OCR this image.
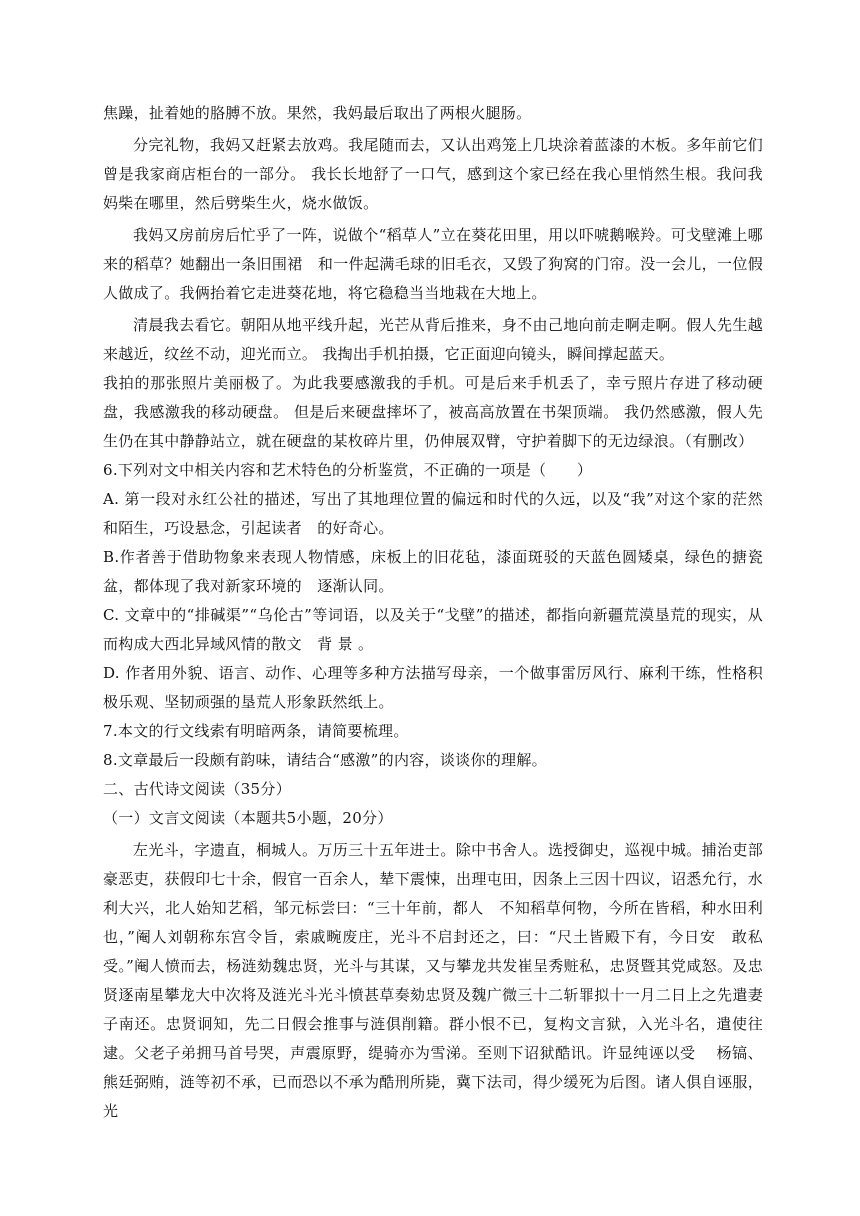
焦躁，扯着她的胳膊不放。果然，我妈最后取出了两根火腿肠。

分完礼物，我妈又赶紧去放鸡。我尾随而去，又认出鸡笼上几块涂着蓝漆的木板。多年前它们曾是我家商店柜台的一部分。 我长长地舒了一口气，感到这个家已经在我心里悄然生根。我问我妈柴在哪里，然后劈柴生火，烧水做饭。

我妈又房前房后忙乎了一阵，说做个“稻草人”立在葵花田里，用以吓唬鹅喉羚。可戈壁滩上哪来的稻草？她翻出一条旧围裙　和一件起满毛球的旧毛衣，又毁了狗窝的门帘。没一会儿，一位假人做成了。我俩抬着它走进葵花地，将它稳稳当当地栽在大地上。

清晨我去看它。朝阳从地平线升起，光芒从背后推来，身不由己地向前走啊走啊。假人先生越来越近，纹丝不动，迎光而立。 我掏出手机拍摄，它正面迎向镜头，瞬间撑起蓝天。

我拍的那张照片美丽极了。为此我要感激我的手机。可是后来手机丢了，幸亏照片存进了移动硬盘，我感激我的移动硬盘。 但是后来硬盘摔坏了，被高高放置在书架顶端。 我仍然感激，假人先生仍在其中静静站立，就在硬盘的某枚碎片里，仍伸展双臂，守护着脚下的无边绿浪。（有删改）

6.下列对文中相关内容和艺术特色的分析鉴赏，不正确的一项是（　　）

A. 第一段对永红公社的描述，写出了其地理位置的偏远和时代的久远，以及“我”对这个家的茫然和陌生，巧设悬念，引起读者　的好奇心。

B.作者善于借助物象来表现人物情感，床板上的旧花毡，漆面斑驳的天蓝色圆矮桌，绿色的搪瓷盆，都体现了我对新家环境的　逐渐认同。

C. 文章中的“排碱渠”“乌伦古”等词语，以及关于“戈壁”的描述，都指向新疆荒漠垦荒的现实，从而构成大西北异域风情的散文　背 景 。

D. 作者用外貌、语言、动作、心理等多种方法描写母亲，一个做事雷厉风行、麻利干练，性格积极乐观、坚韧顽强的垦荒人形象跃然纸上。

7.本文的行文线索有明暗两条，请简要梳理。

8.文章最后一段颇有韵味，请结合“感激”的内容，谈谈你的理解。

二、古代诗文阅读（35分）

（一）文言文阅读（本题共5小题，20分）

左光斗，字遗直，桐城人。万历三十五年进士。除中书舍人。选授御史，巡视中城。捕治吏部豪恶吏，获假印七十余，假官一百余人，辇下震悚，出理屯田，因条上三因十四议，诏悉允行，水利大兴，北人始知艺稻，邹元标尝曰：“三十年前，都人　不知稻草何物，今所在皆稻，种水田利也，”阉人刘朝称东宫令旨，索戚畹废庄，光斗不启封还之，曰：“尺土皆殿下有，今日安　敢私受。”阉人愤而去，杨涟劾魏忠贤，光斗与其谋，又与攀龙共发崔呈秀赃私，忠贤暨其党咸怒。及忠贤逐南星攀龙大中次将及涟光斗光斗愤甚草奏劾忠贤及魏广微三十二斩罪拟十一月二日上之先遣妻子南还。忠贤诇知，先二日假会推事与涟俱削籍。群小恨不已，复构文言狱，入光斗名，遣使往逮。父老子弟拥马首号哭，声震原野，缇骑亦为雪涕。至则下诏狱酷讯。许显纯诬以受　 杨镐、熊廷弼贿，涟等初不承，已而恐以不承为酷刑所毙，冀下法司，得少缓死为后图。诸人俱自诬服，光
